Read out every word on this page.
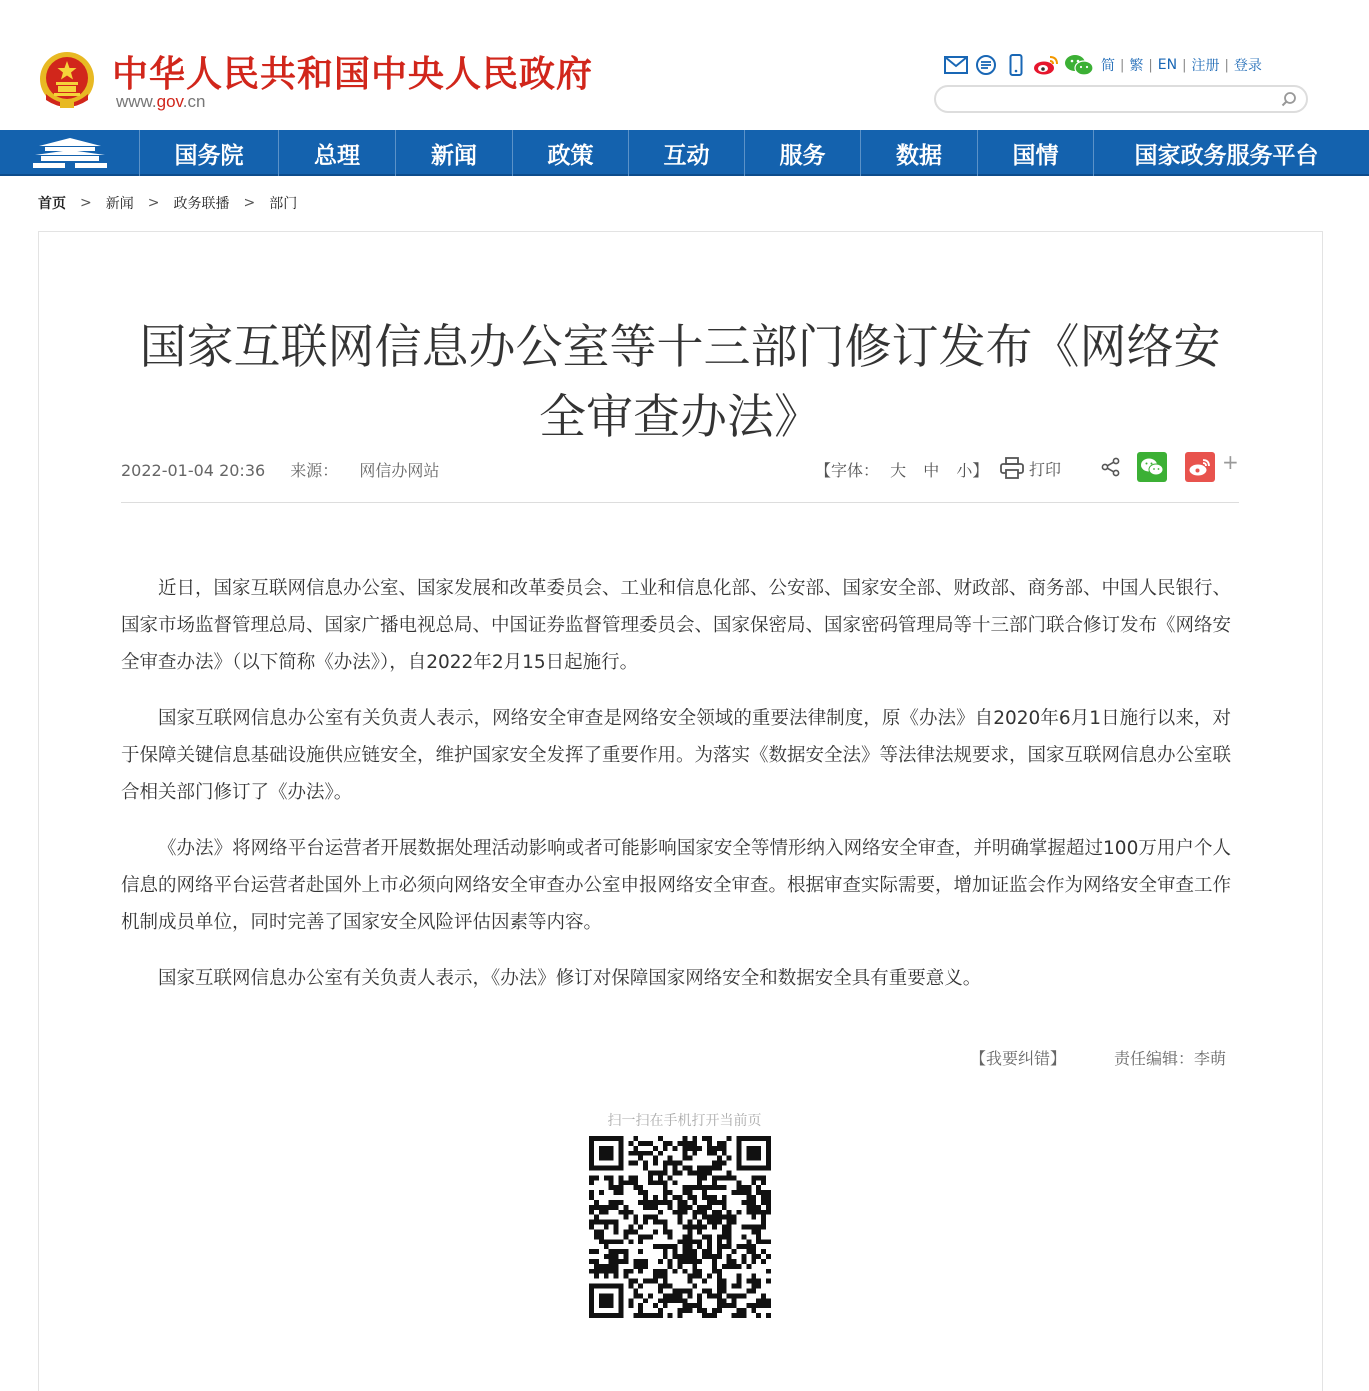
中华人民共和国中央人民政府
www.gov.cn
简 | 繁 | EN | 注册 | 登录
国务院	总理	新闻	政策	互动	服务	数据	国情	国家政务服务平台
首页 > 新闻 > 政务联播 > 部门
国家互联网信息办公室等十三部门修订发布《网络安全审查办法》
2022-01-04 20:36 来源： 网信办网站	【字体： 大 中 小】	打印	+

近日，国家互联网信息办公室、国家发展和改革委员会、工业和信息化部、公安部、国家安全部、财政部、商务部、中国人民银行、国家市场监督管理总局、国家广播电视总局、中国证券监督管理委员会、国家保密局、国家密码管理局等十三部门联合修订发布《网络安全审查办法》（以下简称《办法》），自2022年2月15日起施行。

国家互联网信息办公室有关负责人表示，网络安全审查是网络安全领域的重要法律制度，原《办法》自2020年6月1日施行以来，对于保障关键信息基础设施供应链安全，维护国家安全发挥了重要作用。为落实《数据安全法》等法律法规要求，国家互联网信息办公室联合相关部门修订了《办法》。

《办法》将网络平台运营者开展数据处理活动影响或者可能影响国家安全等情形纳入网络安全审查，并明确掌握超过100万用户个人信息的网络平台运营者赴国外上市必须向网络安全审查办公室申报网络安全审查。根据审查实际需要，增加证监会作为网络安全审查工作机制成员单位，同时完善了国家安全风险评估因素等内容。

国家互联网信息办公室有关负责人表示，《办法》修订对保障国家网络安全和数据安全具有重要意义。

【我要纠错】	责任编辑：李萌
扫一扫在手机打开当前页
